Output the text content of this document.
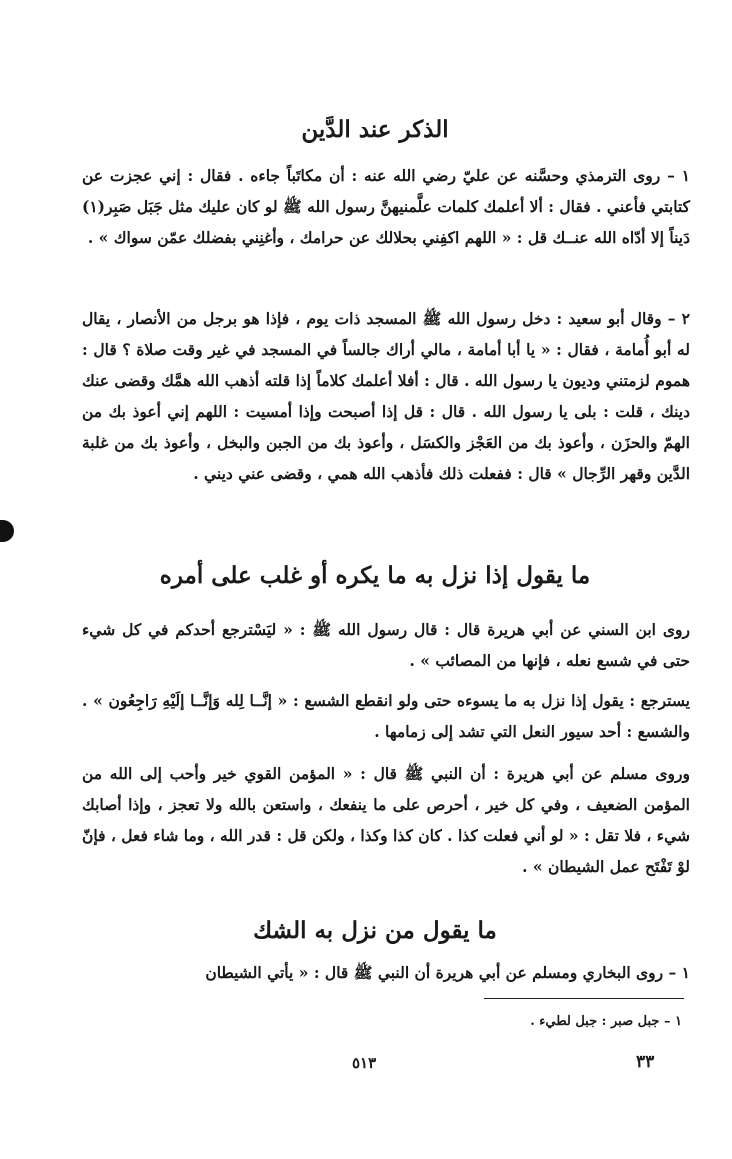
الذكر عند الدَّين
١ – روى الترمذي وحسَّنه عن عليّ رضي الله عنه : أن مكاتَباً جاءه . فقال : إني عجزت عن كتابتي فأعني . فقال : ألا أعلمك كلمات علَّمنيهنَّ رسول الله ﷺ لو كان عليك مثل جَبَل صَبِر(١) دَيناً إلا أدّاه الله عنــك قل : « اللهم اكفِني بحلالك عن حرامك ، وأغنِني بفضلك عمّن سواك » .
٢ – وقال أبو سعيد : دخل رسول الله ﷺ المسجد ذات يوم ، فإذا هو برجل من الأنصار ، يقال له أبو أُمامة ، فقال : « يا أبا أمامة ، مالي أراك جالساً في المسجد في غير وقت صلاة ؟ قال : هموم لزمتني وديون يا رسول الله . قال : أفلا أعلمك كلاماً إذا قلته أذهب الله همَّك وقضى عنك دينك ، قلت : بلى يا رسول الله . قال : قل إذا أصبحت وإذا أمسيت : اللهم إني أعوذ بك من الهمّ والحزَن ، وأعوذ بك من العَجْز والكسَل ، وأعوذ بك من الجبن والبخل ، وأعوذ بك من غلبة الدَّين وقهر الرِّجال » قال : ففعلت ذلك فأذهب الله همي ، وقضى عني ديني .
ما يقول إذا نزل به ما يكره أو غلب على أمره
روى ابن السني عن أبي هريرة قال : قال رسول الله ﷺ : « ليَسْترجع أحدكم في كل شيء حتى في شسع نعله ، فإنها من المصائب » .
يسترجع : يقول إذا نزل به ما يسوءه حتى ولو انقطع الشسع : « إنَّــا لِله وَإنَّــا إلَيْهِ رَاجِعُون » . والشسع : أحد سيور النعل التي تشد إلى زمامها .
وروى مسلم عن أبي هريرة : أن النبي ﷺ قال : « المؤمن القوي خير وأحب إلى الله من المؤمن الضعيف ، وفي كل خير ، أحرص على ما ينفعك ، واستعن بالله ولا تعجز ، وإذا أصابك شيء ، فلا تقل : « لو أني فعلت كذا . كان كذا وكذا ، ولكن قل : قدر الله ، وما شاء فعل ، فإنّ لوْ تَفْتَح عمل الشيطان » .
ما يقول من نزل به الشك
١ – روى البخاري ومسلم عن أبي هريرة أن النبي ﷺ قال : « يأتي الشيطان
١ – جبل صبر : جبل لطيء .
٣٣
٥١٣
